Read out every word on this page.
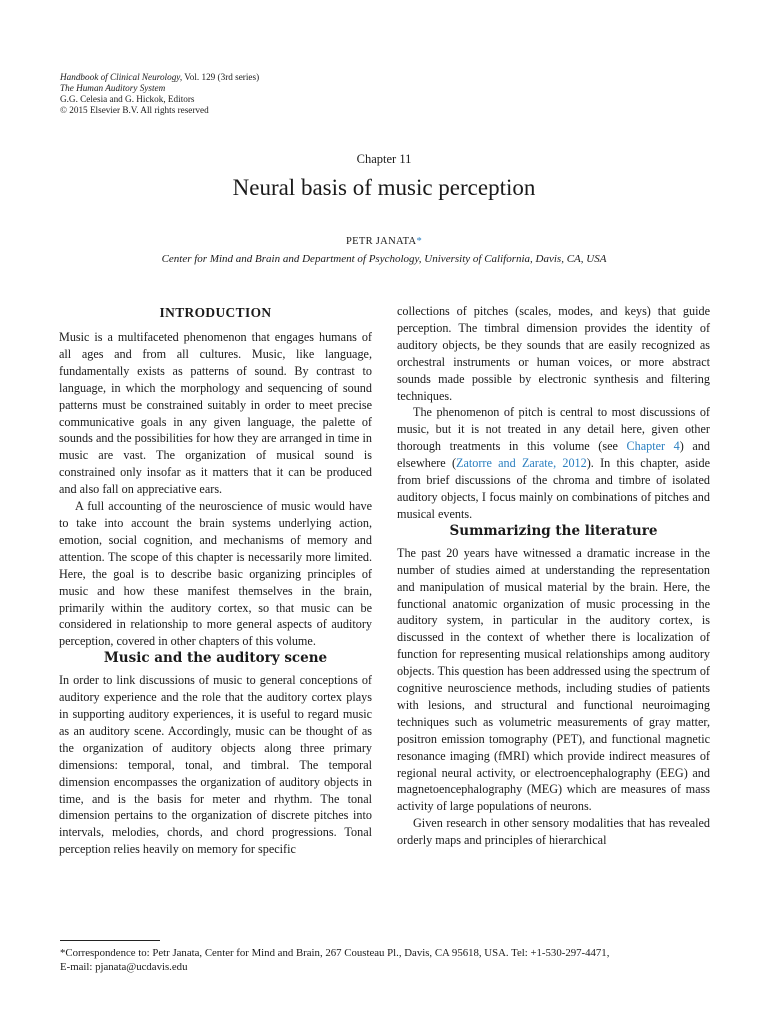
Handbook of Clinical Neurology, Vol. 129 (3rd series)
The Human Auditory System
G.G. Celesia and G. Hickok, Editors
© 2015 Elsevier B.V. All rights reserved
Chapter 11
Neural basis of music perception
PETR JANATA*
Center for Mind and Brain and Department of Psychology, University of California, Davis, CA, USA
INTRODUCTION

Music is a multifaceted phenomenon that engages humans of all ages and from all cultures. Music, like language, fundamentally exists as patterns of sound. By contrast to language, in which the morphology and sequencing of sound patterns must be constrained suitably in order to meet precise communicative goals in any given language, the palette of sounds and the possibilities for how they are arranged in time in music are vast. The organization of musical sound is constrained only insofar as it matters that it can be produced and also fall on appreciative ears.

A full accounting of the neuroscience of music would have to take into account the brain systems underlying action, emotion, social cognition, and mechanisms of memory and attention. The scope of this chapter is necessarily more limited. Here, the goal is to describe basic organizing principles of music and how these manifest themselves in the brain, primarily within the auditory cortex, so that music can be considered in relationship to more general aspects of auditory perception, covered in other chapters of this volume.

Music and the auditory scene

In order to link discussions of music to general conceptions of auditory experience and the role that the auditory cortex plays in supporting auditory experiences, it is useful to regard music as an auditory scene. Accordingly, music can be thought of as the organization of auditory objects along three primary dimensions: temporal, tonal, and timbral. The temporal dimension encompasses the organization of auditory objects in time, and is the basis for meter and rhythm. The tonal dimension pertains to the organization of discrete pitches into intervals, melodies, chords, and chord progressions. Tonal perception relies heavily on memory for specific

collections of pitches (scales, modes, and keys) that guide perception. The timbral dimension provides the identity of auditory objects, be they sounds that are easily recognized as orchestral instruments or human voices, or more abstract sounds made possible by electronic synthesis and filtering techniques.

The phenomenon of pitch is central to most discussions of music, but it is not treated in any detail here, given other thorough treatments in this volume (see Chapter 4) and elsewhere (Zatorre and Zarate, 2012). In this chapter, aside from brief discussions of the chroma and timbre of isolated auditory objects, I focus mainly on combinations of pitches and musical events.

Summarizing the literature

The past 20 years have witnessed a dramatic increase in the number of studies aimed at understanding the representation and manipulation of musical material by the brain. Here, the functional anatomic organization of music processing in the auditory system, in particular in the auditory cortex, is discussed in the context of whether there is localization of function for representing musical relationships among auditory objects. This question has been addressed using the spectrum of cognitive neuroscience methods, including studies of patients with lesions, and structural and functional neuroimaging techniques such as volumetric measurements of gray matter, positron emission tomography (PET), and functional magnetic resonance imaging (fMRI) which provide indirect measures of regional neural activity, or electroencephalography (EEG) and magnetoencephalography (MEG) which are measures of mass activity of large populations of neurons.

Given research in other sensory modalities that has revealed orderly maps and principles of hierarchical

*Correspondence to: Petr Janata, Center for Mind and Brain, 267 Cousteau Pl., Davis, CA 95618, USA. Tel: +1-530-297-4471,
E-mail: pjanata@ucdavis.edu
